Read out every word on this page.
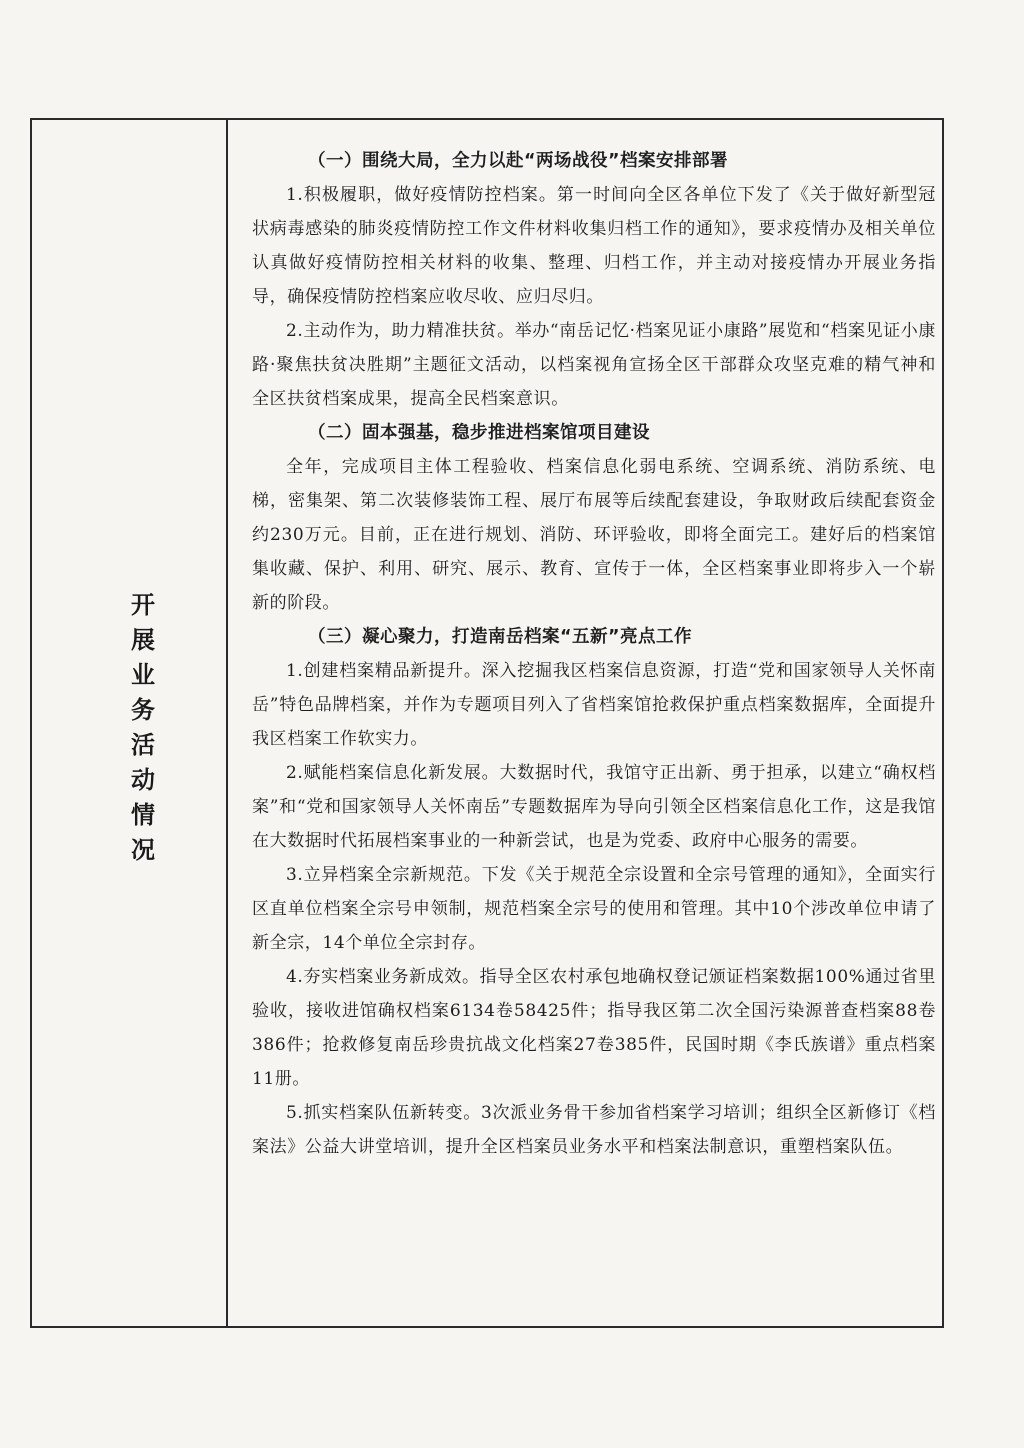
开
展
业
务
活
动
情
况

（一）围绕大局，全力以赴“两场战役”档案安排部署

1.积极履职，做好疫情防控档案。第一时间向全区各单位下发了《关于做好新型冠状病毒感染的肺炎疫情防控工作文件材料收集归档工作的通知》，要求疫情办及相关单位认真做好疫情防控相关材料的收集、整理、归档工作，并主动对接疫情办开展业务指导，确保疫情防控档案应收尽收、应归尽归。

2.主动作为，助力精准扶贫。举办“南岳记忆·档案见证小康路”展览和“档案见证小康路·聚焦扶贫决胜期”主题征文活动，以档案视角宣扬全区干部群众攻坚克难的精气神和全区扶贫档案成果，提高全民档案意识。

（二）固本强基，稳步推进档案馆项目建设

全年，完成项目主体工程验收、档案信息化弱电系统、空调系统、消防系统、电梯，密集架、第二次装修装饰工程、展厅布展等后续配套建设，争取财政后续配套资金约230万元。目前，正在进行规划、消防、环评验收，即将全面完工。建好后的档案馆集收藏、保护、利用、研究、展示、教育、宣传于一体，全区档案事业即将步入一个崭新的阶段。

（三）凝心聚力，打造南岳档案“五新”亮点工作

1.创建档案精品新提升。深入挖掘我区档案信息资源，打造“党和国家领导人关怀南岳”特色品牌档案，并作为专题项目列入了省档案馆抢救保护重点档案数据库，全面提升我区档案工作软实力。

2.赋能档案信息化新发展。大数据时代，我馆守正出新、勇于担承，以建立“确权档案”和“党和国家领导人关怀南岳”专题数据库为导向引领全区档案信息化工作，这是我馆在大数据时代拓展档案事业的一种新尝试，也是为党委、政府中心服务的需要。

3.立异档案全宗新规范。下发《关于规范全宗设置和全宗号管理的通知》，全面实行区直单位档案全宗号申领制，规范档案全宗号的使用和管理。其中10个涉改单位申请了新全宗，14个单位全宗封存。

4.夯实档案业务新成效。指导全区农村承包地确权登记颁证档案数据100%通过省里验收，接收进馆确权档案6134卷58425件；指导我区第二次全国污染源普查档案88卷386件；抢救修复南岳珍贵抗战文化档案27卷385件，民国时期《李氏族谱》重点档案11册。

5.抓实档案队伍新转变。3次派业务骨干参加省档案学习培训；组织全区新修订《档案法》公益大讲堂培训，提升全区档案员业务水平和档案法制意识，重塑档案队伍。
